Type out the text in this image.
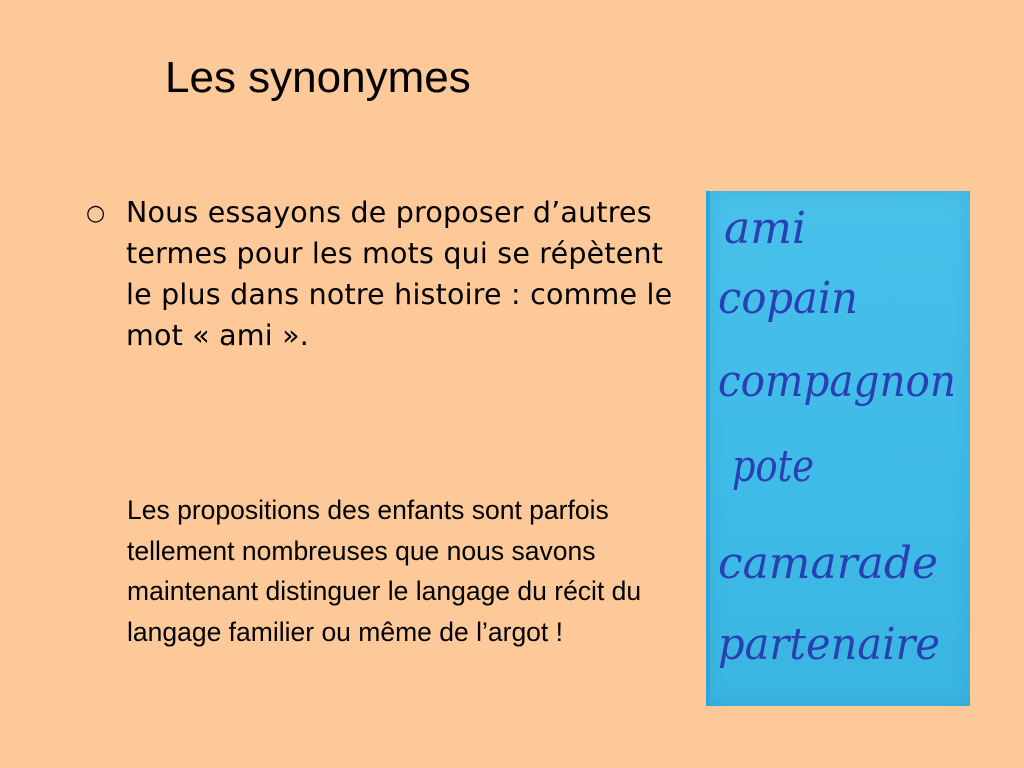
Les synonymes
○ Nous essayons de proposer d’autres termes pour les mots qui se répètent le plus dans notre histoire : comme le mot « ami ».

Les propositions des enfants sont parfois tellement nombreuses que nous savons maintenant distinguer le langage du récit du langage familier ou même de l’argot !

ami
copain
compagnon
pote
camarade
partenaire
